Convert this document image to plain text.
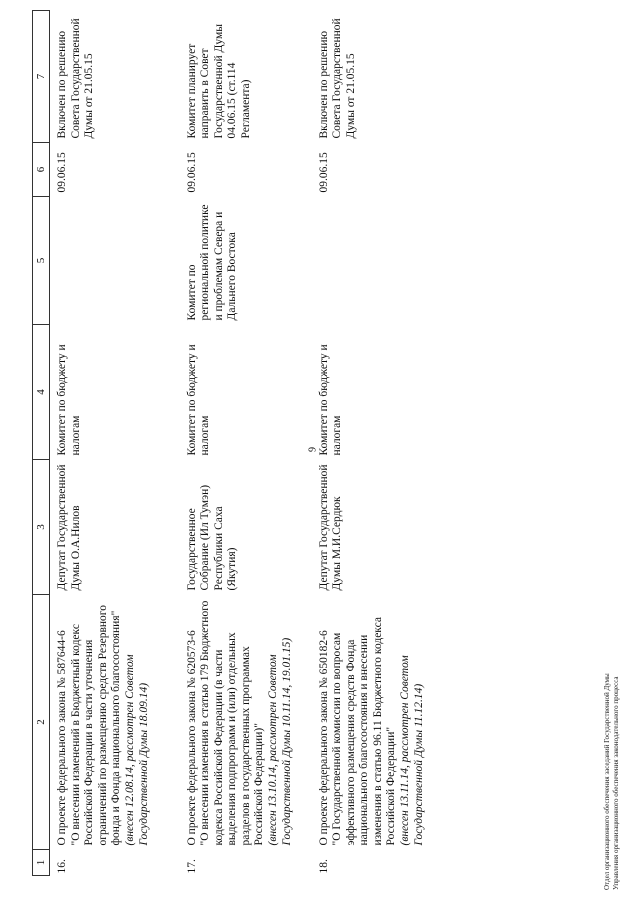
9
1	2	3	4	5	6	7
16.	О проекте федерального закона № 587644-6 "О внесении изменений в Бюджетный кодекс Российской Федерации в части уточнения ограничений по размещению средств Резервного фонда и Фонда национального благосостояния" (внесен 12.08.14, рассмотрен Советом Государственной Думы 18.09.14)	Депутат Государственной Думы О.А.Нилов	Комитет по бюджету и налогам		09.06.15	Включен по решению Совета Государственной Думы от 21.05.15
17.	О проекте федерального закона № 620573-6 "О внесении изменения в статью 179 Бюджетного кодекса Российской Федерации (в части выделения подпрограмм и (или) отдельных разделов в государственных программах Российской Федерации)" (внесен 13.10.14, рассмотрен Советом Государственной Думы 10.11.14, 19.01.15)	Государственное Собрание (Ил Тумэн) Республики Саха (Якутия)	Комитет по бюджету и налогам	Комитет по региональной политике и проблемам Севера и Дальнего Востока	09.06.15	Комитет планирует направить в Совет Государственной Думы 04.06.15 (ст.114 Регламента)
18.	О проекте федерального закона № 650182-6 "О Государственной комиссии по вопросам эффективного размещения средств Фонда национального благосостояния и внесении изменения в статью 96.11 Бюджетного кодекса Российской Федерации" (внесен 13.11.14, рассмотрен Советом Государственной Думы 11.12.14)	Депутат Государственной Думы М.И.Сердюк	Комитет по бюджету и налогам		09.06.15	Включен по решению Совета Государственной Думы от 21.05.15
Отдел организационного обеспечения заседаний Государственной Думы Управления организационного обеспечения законодательного процесса
